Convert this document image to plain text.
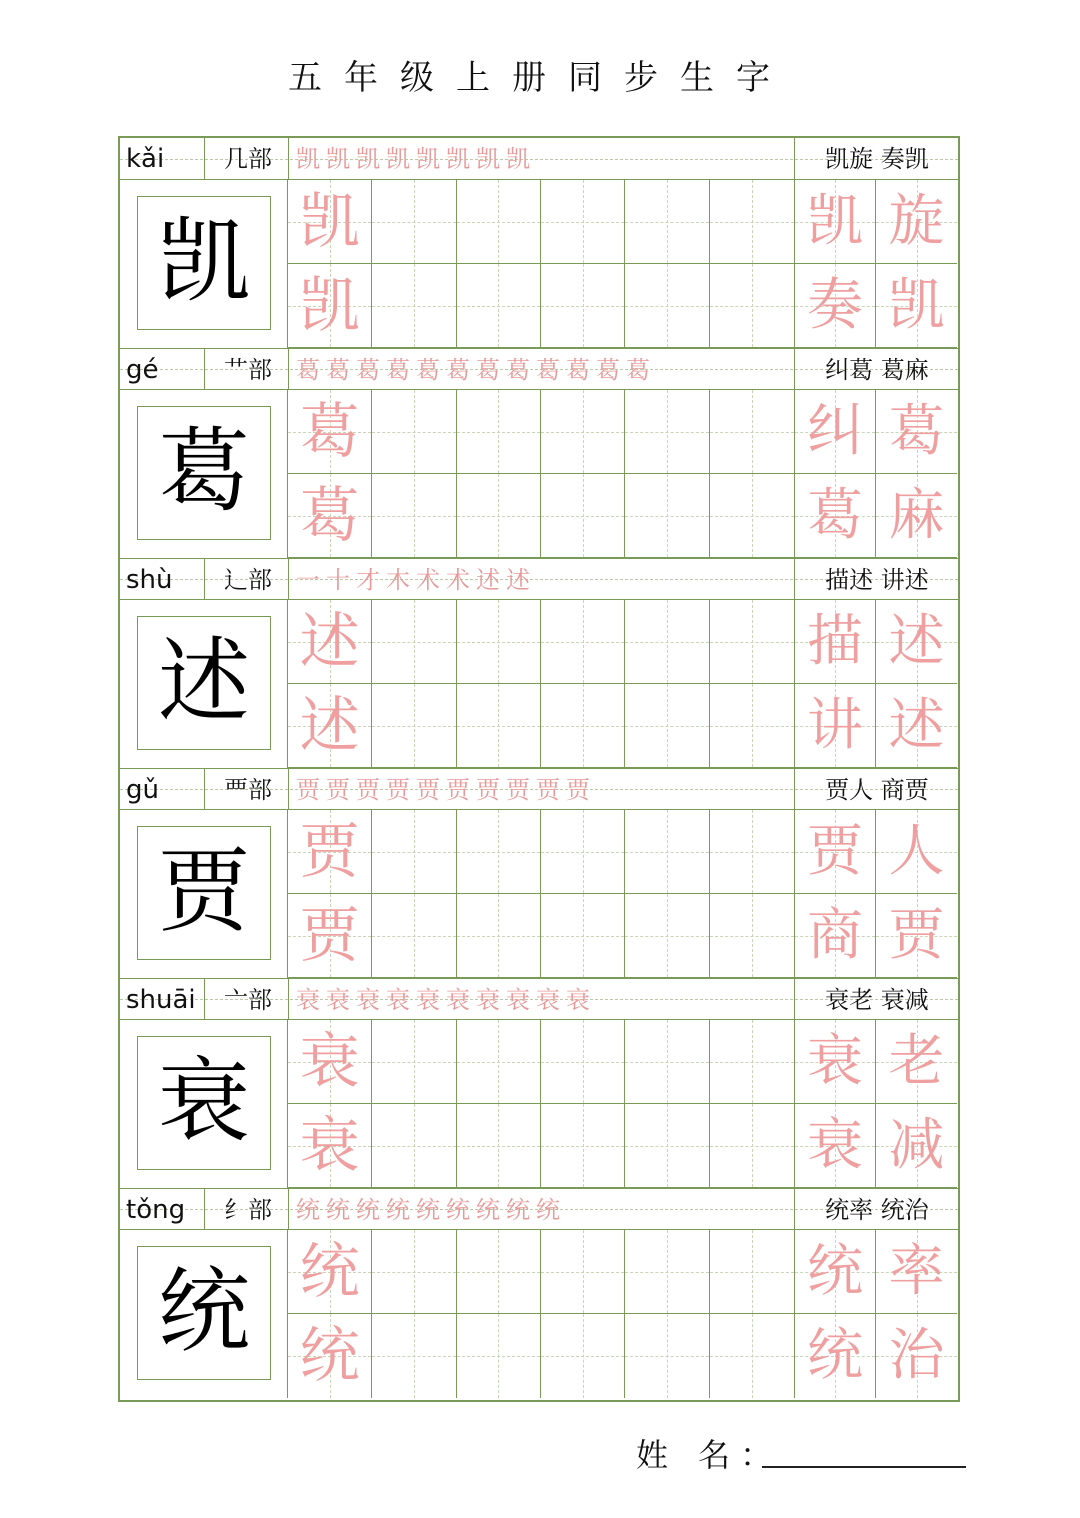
五年级上册同步生字
kǎi	几部	凯凯凯凯凯凯凯凯	凯旋 奏凯
凯 凯
凯
凯 旋
奏 凯
gé	艹部	葛葛葛葛葛葛葛葛葛葛葛葛	纠葛 葛麻
葛 葛
葛
纠 葛
葛 麻
shù	辶部	一十才木术术述述	描述 讲述
述 述
述
描 述
讲 述
gǔ	覀部	贾贾贾贾贾贾贾贾贾贾	贾人 商贾
贾 贾
贾
贾 人
商 贾
shuāi	亠部	衰衰衰衰衰衰衰衰衰衰	衰老 衰减
衰 衰
衰
衰 老
衰 减
tǒng	纟部	统统统统统统统统统	统率 统治
统 统
统
统 率
统 治
姓 名：
